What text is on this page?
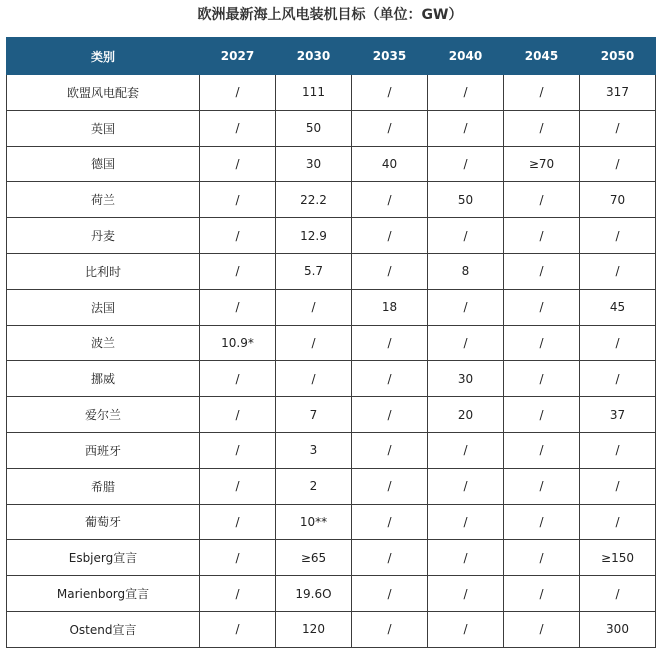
欧洲最新海上风电装机目标（单位：GW）
类别	2027	2030	2035	2040	2045	2050
欧盟风电配套	/	111	/	/	/	317
英国	/	50	/	/	/	/
德国	/	30	40	/	≥70	/
荷兰	/	22.2	/	50	/	70
丹麦	/	12.9	/	/	/	/
比利时	/	5.7	/	8	/	/
法国	/	/	18	/	/	45
波兰	10.9*	/	/	/	/	/
挪威	/	/	/	30	/	/
爱尔兰	/	7	/	20	/	37
西班牙	/	3	/	/	/	/
希腊	/	2	/	/	/	/
葡萄牙	/	10**	/	/	/	/
Esbjerg宣言	/	≥65	/	/	/	≥150
Marienborg宣言	/	19.6O	/	/	/	/
Ostend宣言	/	120	/	/	/	300
